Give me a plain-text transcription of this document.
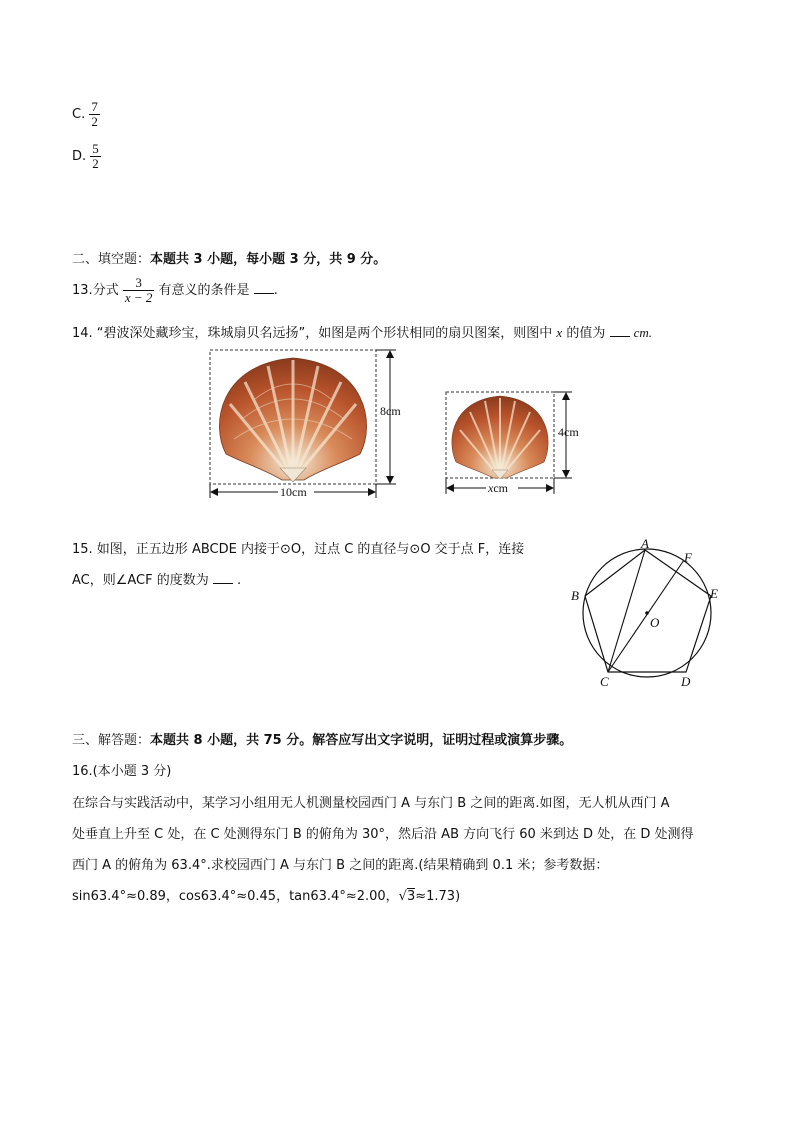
C. $\frac{7}{2}$
D. $\frac{5}{2}$
二、填空题：本题共 3 小题，每小题 3 分，共 9 分。
13.分式 $\frac{3}{x - 2}$ 有意义的条件是 .
14. “碧波深处藏珍宝，珠城扇贝名远扬”，如图是两个形状相同的扇贝图案，则图中 x 的值为 cm.
8cm
10cm
4cm
xcm
15. 如图，正五边形 ABCDE 内接于⊙O，过点 C 的直径与⊙O 交于点 F，连接
AC，则∠ACF 的度数为 .
A
B
C	D
E
F
O
三、解答题：本题共 8 小题，共 75 分。解答应写出文字说明，证明过程或演算步骤。
16.(本小题 3 分)
在综合与实践活动中，某学习小组用无人机测量校园西门 A 与东门 B 之间的距离.如图，无人机从西门 A
处垂直上升至 C 处，在 C 处测得东门 B 的俯角为 30°，然后沿 AB 方向飞行 60 米到达 D 处，在 D 处测得
西门 A 的俯角为 63.4°.求校园西门 A 与东门 B 之间的距离.(结果精确到 0.1 米；参考数据：
sin63.4°≈0.89，cos63.4°≈0.45，tan63.4°≈2.00，√3≈1.73)
